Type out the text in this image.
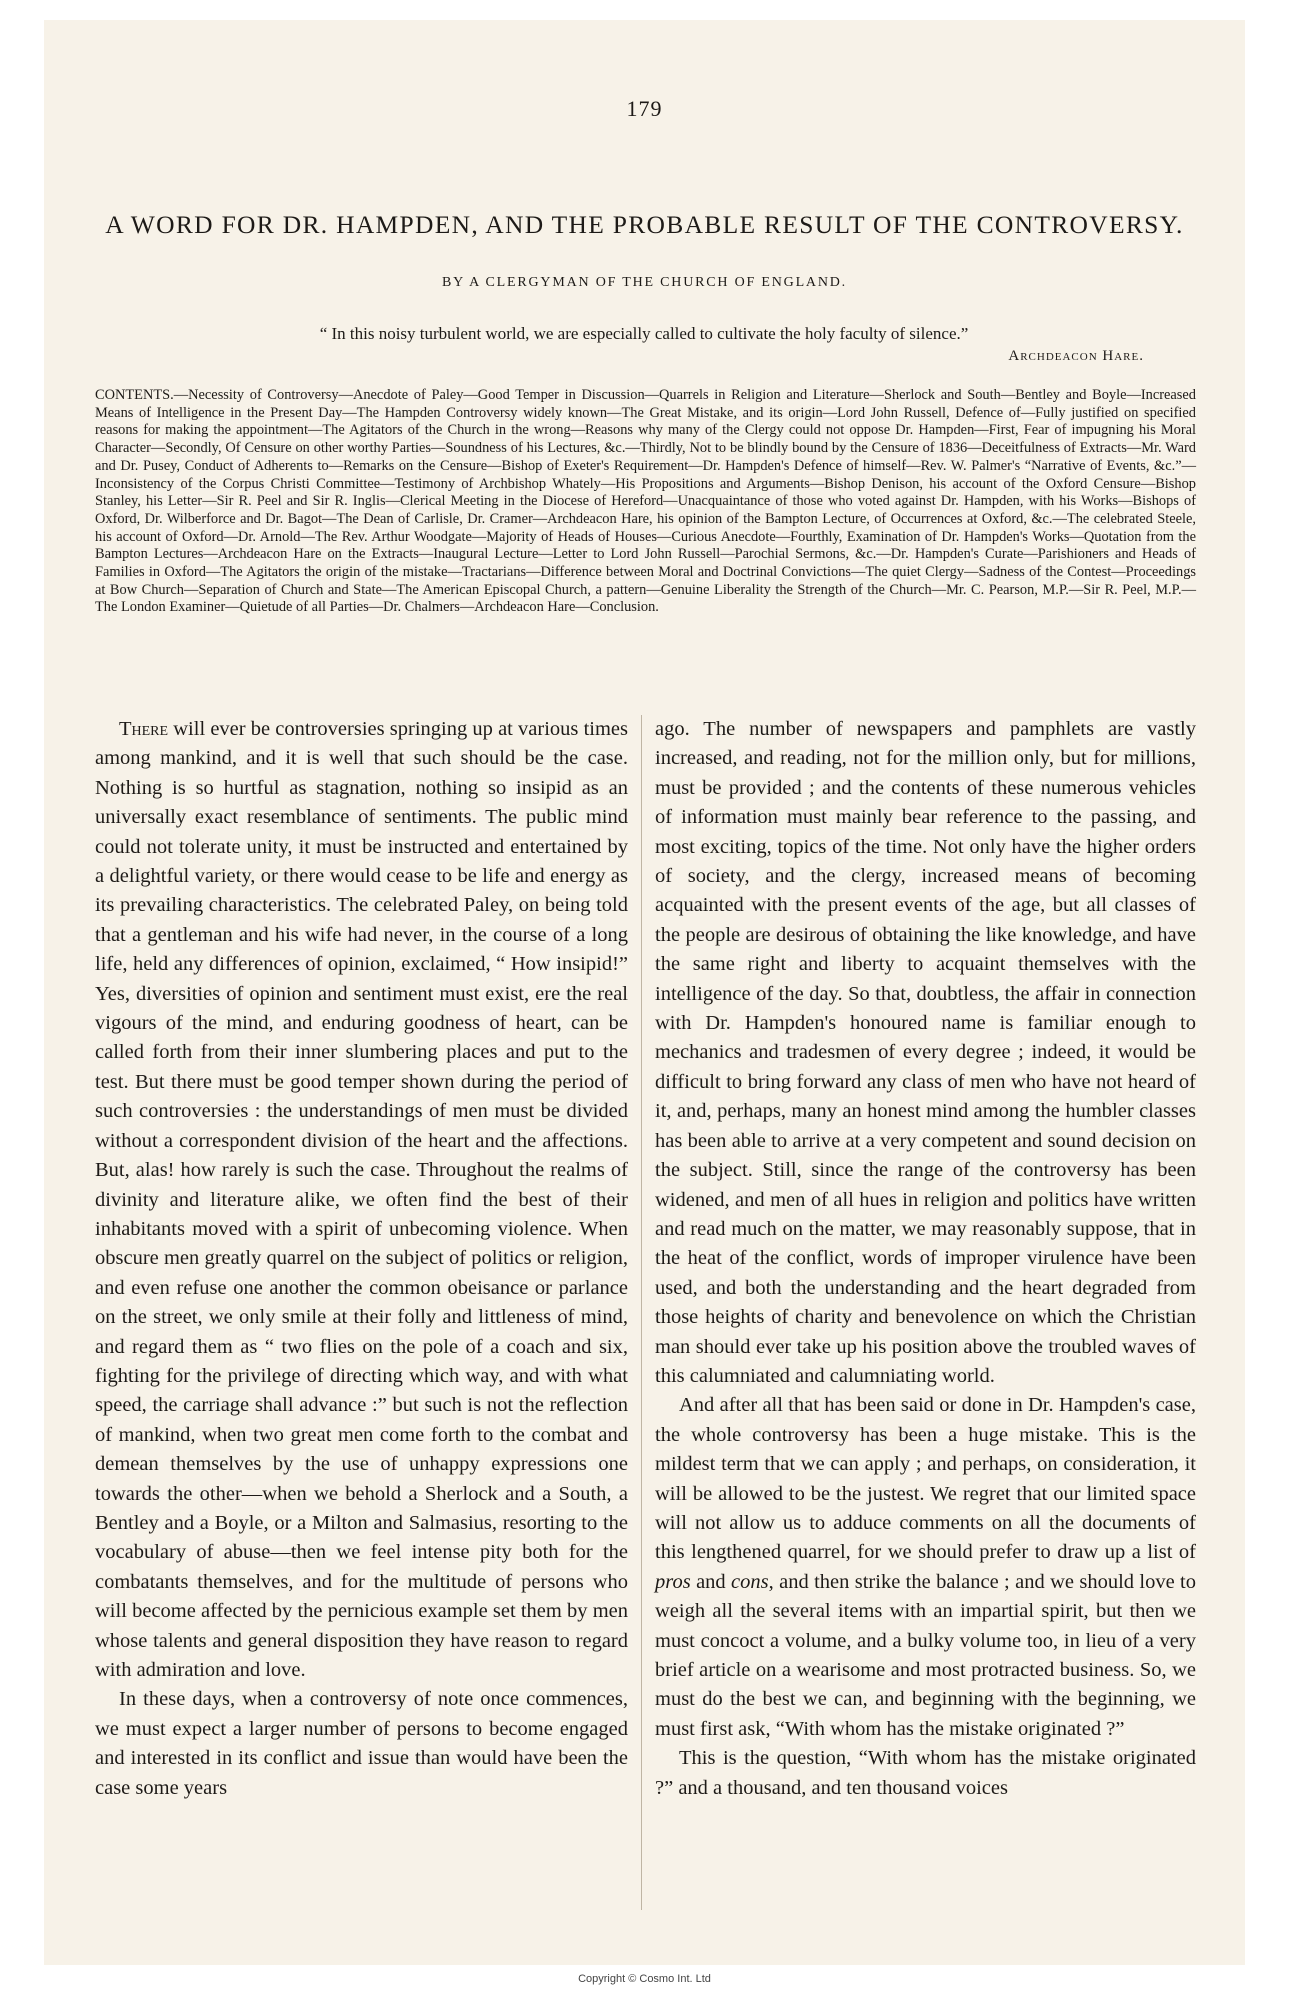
179
A WORD FOR DR. HAMPDEN, AND THE PROBABLE RESULT OF THE CONTROVERSY.
BY A CLERGYMAN OF THE CHURCH OF ENGLAND.
“ In this noisy turbulent world, we are especially called to cultivate the holy faculty of silence.”
Archdeacon Hare.

CONTENTS.—Necessity of Controversy—Anecdote of Paley—Good Temper in Discussion—Quarrels in Religion and Literature—Sherlock and South—Bentley and Boyle—Increased Means of Intelligence in the Present Day—The Hampden Controversy widely known—The Great Mistake, and its origin—Lord John Russell, Defence of—Fully justified on specified reasons for making the appointment—The Agitators of the Church in the wrong—Reasons why many of the Clergy could not oppose Dr. Hampden—First, Fear of impugning his Moral Character—Secondly, Of Censure on other worthy Parties—Soundness of his Lectures, &c.—Thirdly, Not to be blindly bound by the Censure of 1836—Deceitfulness of Extracts—Mr. Ward and Dr. Pusey, Conduct of Adherents to—Remarks on the Censure—Bishop of Exeter's Requirement—Dr. Hampden's Defence of himself—Rev. W. Palmer's “Narrative of Events, &c.”—Inconsistency of the Corpus Christi Committee—Testimony of Archbishop Whately—His Propositions and Arguments—Bishop Denison, his account of the Oxford Censure—Bishop Stanley, his Letter—Sir R. Peel and Sir R. Inglis—Clerical Meeting in the Diocese of Hereford—Unacquaintance of those who voted against Dr. Hampden, with his Works—Bishops of Oxford, Dr. Wilberforce and Dr. Bagot—The Dean of Carlisle, Dr. Cramer—Archdeacon Hare, his opinion of the Bampton Lecture, of Occurrences at Oxford, &c.—The celebrated Steele, his account of Oxford—Dr. Arnold—The Rev. Arthur Woodgate—Majority of Heads of Houses—Curious Anecdote—Fourthly, Examination of Dr. Hampden's Works—Quotation from the Bampton Lectures—Archdeacon Hare on the Extracts—Inaugural Lecture—Letter to Lord John Russell—Parochial Sermons, &c.—Dr. Hampden's Curate—Parishioners and Heads of Families in Oxford—The Agitators the origin of the mistake—Tractarians—Difference between Moral and Doctrinal Convictions—The quiet Clergy—Sadness of the Contest—Proceedings at Bow Church—Separation of Church and State—The American Episcopal Church, a pattern—Genuine Liberality the Strength of the Church—Mr. C. Pearson, M.P.—Sir R. Peel, M.P.—The London Examiner—Quietude of all Parties—Dr. Chalmers—Archdeacon Hare—Conclusion.

There will ever be controversies springing up at various times among mankind, and it is well that such should be the case. Nothing is so hurtful as stagnation, nothing so insipid as an universally exact resemblance of sentiments. The public mind could not tolerate unity, it must be instructed and entertained by a delightful variety, or there would cease to be life and energy as its prevailing characteristics. The celebrated Paley, on being told that a gentleman and his wife had never, in the course of a long life, held any differences of opinion, exclaimed, “ How insipid!” Yes, diversities of opinion and sentiment must exist, ere the real vigours of the mind, and enduring goodness of heart, can be called forth from their inner slumbering places and put to the test. But there must be good temper shown during the period of such controversies : the understandings of men must be divided without a correspondent division of the heart and the affections. But, alas! how rarely is such the case. Throughout the realms of divinity and literature alike, we often find the best of their inhabitants moved with a spirit of unbecoming violence. When obscure men greatly quarrel on the subject of politics or religion, and even refuse one another the common obeisance or parlance on the street, we only smile at their folly and littleness of mind, and regard them as “ two flies on the pole of a coach and six, fighting for the privilege of directing which way, and with what speed, the carriage shall advance :” but such is not the reflection of mankind, when two great men come forth to the combat and demean themselves by the use of unhappy expressions one towards the other—when we behold a Sherlock and a South, a Bentley and a Boyle, or a Milton and Salmasius, resorting to the vocabulary of abuse—then we feel intense pity both for the combatants themselves, and for the multitude of persons who will become affected by the pernicious example set them by men whose talents and general disposition they have reason to regard with admiration and love.

In these days, when a controversy of note once commences, we must expect a larger number of persons to become engaged and interested in its conflict and issue than would have been the case some years

ago. The number of newspapers and pamphlets are vastly increased, and reading, not for the million only, but for millions, must be provided ; and the contents of these numerous vehicles of information must mainly bear reference to the passing, and most exciting, topics of the time. Not only have the higher orders of society, and the clergy, increased means of becoming acquainted with the present events of the age, but all classes of the people are desirous of obtaining the like knowledge, and have the same right and liberty to acquaint themselves with the intelligence of the day. So that, doubtless, the affair in connection with Dr. Hampden's honoured name is familiar enough to mechanics and tradesmen of every degree ; indeed, it would be difficult to bring forward any class of men who have not heard of it, and, perhaps, many an honest mind among the humbler classes has been able to arrive at a very competent and sound decision on the subject. Still, since the range of the controversy has been widened, and men of all hues in religion and politics have written and read much on the matter, we may reasonably suppose, that in the heat of the conflict, words of improper virulence have been used, and both the understanding and the heart degraded from those heights of charity and benevolence on which the Christian man should ever take up his position above the troubled waves of this calumniated and calumniating world.

And after all that has been said or done in Dr. Hampden's case, the whole controversy has been a huge mistake. This is the mildest term that we can apply ; and perhaps, on consideration, it will be allowed to be the justest. We regret that our limited space will not allow us to adduce comments on all the documents of this lengthened quarrel, for we should prefer to draw up a list of pros and cons, and then strike the balance ; and we should love to weigh all the several items with an impartial spirit, but then we must concoct a volume, and a bulky volume too, in lieu of a very brief article on a wearisome and most protracted business. So, we must do the best we can, and beginning with the beginning, we must first ask, “With whom has the mistake originated ?”

This is the question, “With whom has the mistake originated ?” and a thousand, and ten thousand voices

Copyright © Cosmo Int. Ltd
